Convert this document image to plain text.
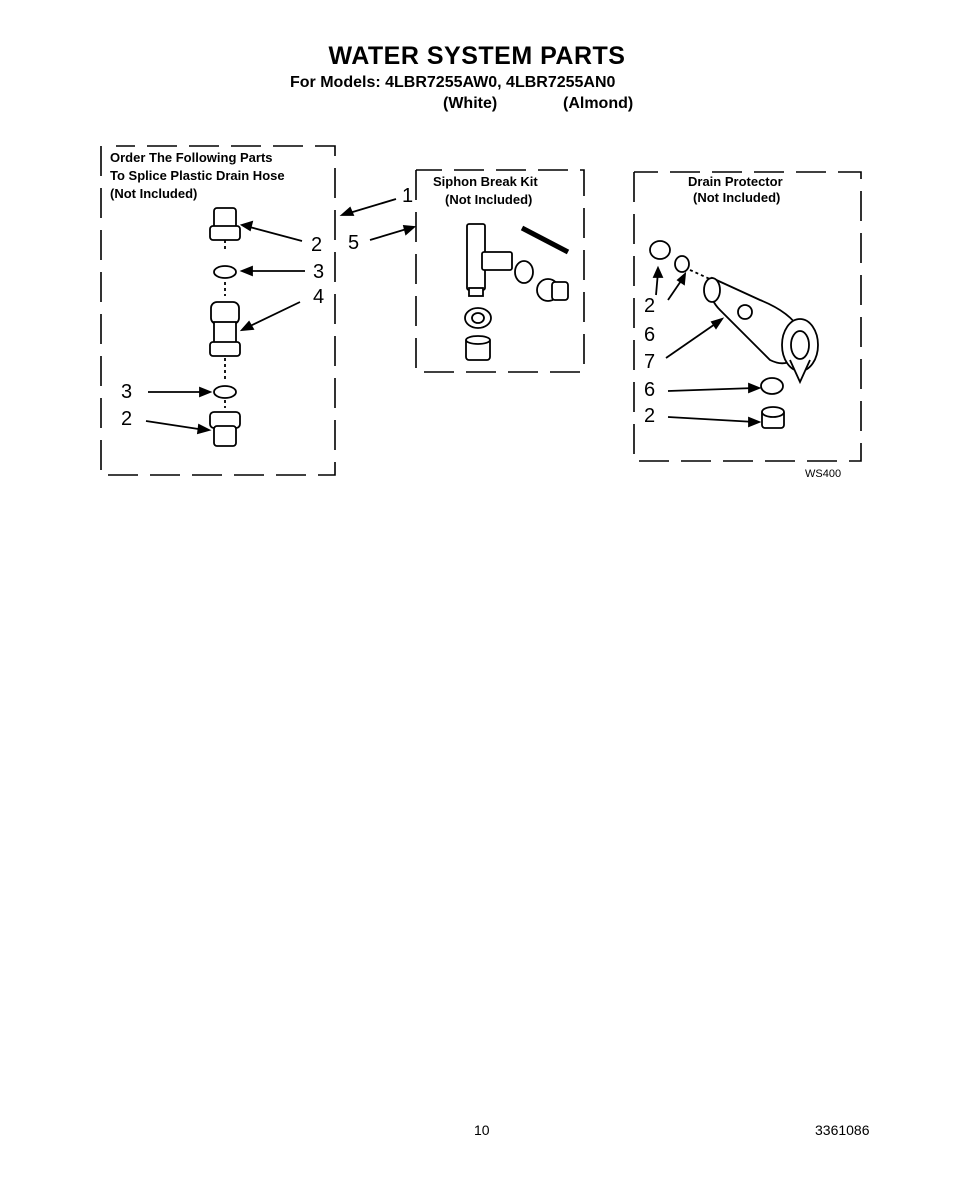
WATER SYSTEM PARTS
For Models: 4LBR7255AW0, 4LBR7255AN0
(White)	(Almond)
Order The Following Parts
To Splice Plastic Drain Hose
(Not Included)
Siphon Break Kit
(Not Included)
Drain Protector
(Not Included)
2
3
4
3
2
1
5
2
6
7
6
2
WS400
10	3361086
